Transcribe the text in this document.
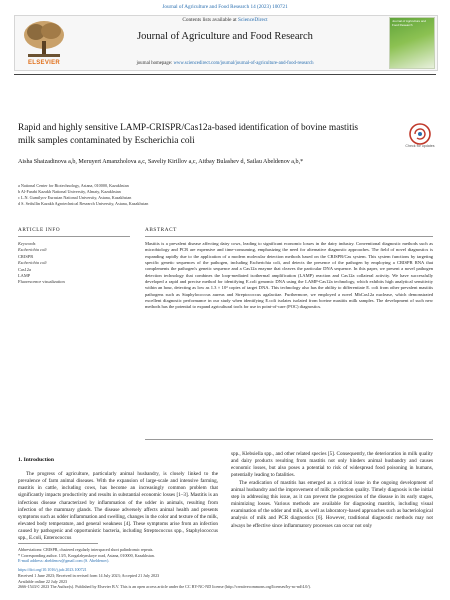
Journal of Agriculture and Food Research 14 (2023) 100721
ELSEVIER
Contents lists available at ScienceDirect
Journal of Agriculture and Food Research
journal homepage: www.sciencedirect.com/journal/journal-of-agriculture-and-food-research
Journal of Agriculture and Food Research
Rapid and highly sensitive LAMP-CRISPR/Cas12a-based identification of bovine mastitis milk samples contaminated by Escherichia coli	Check for updates
Aisha Shaizadinova a,b, Meruyert Amanzholova a,c, Saveliy Kirillov a,c, Aitbay Bulashev d, Sailau Abeldenov a,b,*
a National Center for Biotechnology, Astana, 010000, Kazakhstan
b Al-Farabi Kazakh National University, Almaty, Kazakhstan
c L.N. Gumilyov Eurasian National University, Astana, Kazakhstan
d S. Seifullin Kazakh Agrotechnical Research University, Astana, Kazakhstan
ARTICLE INFO	ABSTRACT
Keywords
Escherichia coli
CRISPR
Escherichia coli
Cas12a
LAMP
Fluorescence visualization
Mastitis is a prevalent disease affecting dairy cows, leading to significant economic losses in the dairy industry. Conventional diagnostic methods such as microbiology and PCR are expensive and time-consuming, emphasizing the need for alternative diagnostic approaches. The field of novel diagnostics is expanding rapidly due to the application of a modern molecular detection methods based on the CRISPR/Cas system. This system functions by targeting specific genetic sequences of the pathogen, including Escherichia coli, and detects the presence of the pathogen by employing a CRISPR RNA that complements the pathogen's genetic sequence and a Cas12a enzyme that cleaves the particular DNA sequence. In this paper, we present a novel pathogen detection technology that combines the loop-mediated isothermal amplification (LAMP) reaction and Cas12a collateral activity. We have successfully developed a rapid and precise method for identifying E.coli genomic DNA using the LAMP-Cas12a technology, which exhibits high analytical sensitivity within an hour, detecting as low as 1.3 × 10³ copies of target DNA. This technology also has the ability to differentiate E. coli from other prevalent mastitis pathogens such as Staphylococcus aureus and Streptococcus agalactiae. Furthermore, we employed a novel MbCas12a nuclease, which demonstrated excellent diagnostic performance in our study when identifying E.coli isolates isolated from bovine mastitis milk samples. The development of such new methods has the potential to expand agricultural tools for use in point-of-care (POC) diagnostics.
1. Introduction

The progress of agriculture, particularly animal husbandry, is closely linked to the prevalence of farm animal diseases. With the expansion of large-scale and intensive farming, mastitis in cattle, including cows, has become an increasingly common problem that significantly impacts productivity and results in substantial economic losses [1–3]. Mastitis is an infectious disease characterized by inflammation of the udder in animals, resulting from infection of the mammary glands. The disease adversely affects animal health and presents symptoms such as udder inflammation and swelling, changes in the color and texture of the milk, elevated body temperature, and general weakness [4]. These symptoms arise from an infection caused by pathogenic and opportunistic bacteria, including Streptococcus spp., Staphylococcus spp., E.coli, Enterococcus

spp., Klebsiella spp., and other related species [5]. Consequently, the deterioration in milk quality and dairy products resulting from mastitis not only hinders animal husbandry and causes economic losses, but also poses a potential to risk of widespread food poisoning in humans, potentially leading to fatalities.

The eradication of mastitis has emerged as a critical issue in the ongoing development of animal husbandry and the improvement of milk production quality. Timely diagnosis is the initial step in addressing this issue, as it can prevent the progression of the disease in its early stages, minimizing losses. Various methods are available for diagnosing mastitis, including visual examination of the udder and milk, as well as laboratory-based approaches such as bacteriological analysis of milk and PCR diagnostics [6]. However, traditional diagnostic methods may not always be effective since inflammatory processes can occur not only

Abbreviations: CRISPR, clustered regularly interspaced short palindromic repeats.
* Corresponding author. 13/5, Korgalzhynskoye road, Astana, 010000, Kazakhstan.
E-mail address: abeldenov@gmail.com (S. Abeldenov).
https://doi.org/10.1016/j.jafr.2023.100721
Received 1 June 2023; Received in revised form 14 July 2023; Accepted 21 July 2023
Available online 22 July 2023
2666-1543/© 2023 The Author(s). Published by Elsevier B.V. This is an open access article under the CC BY-NC-ND license (http://creativecommons.org/licenses/by-nc-nd/4.0/).
